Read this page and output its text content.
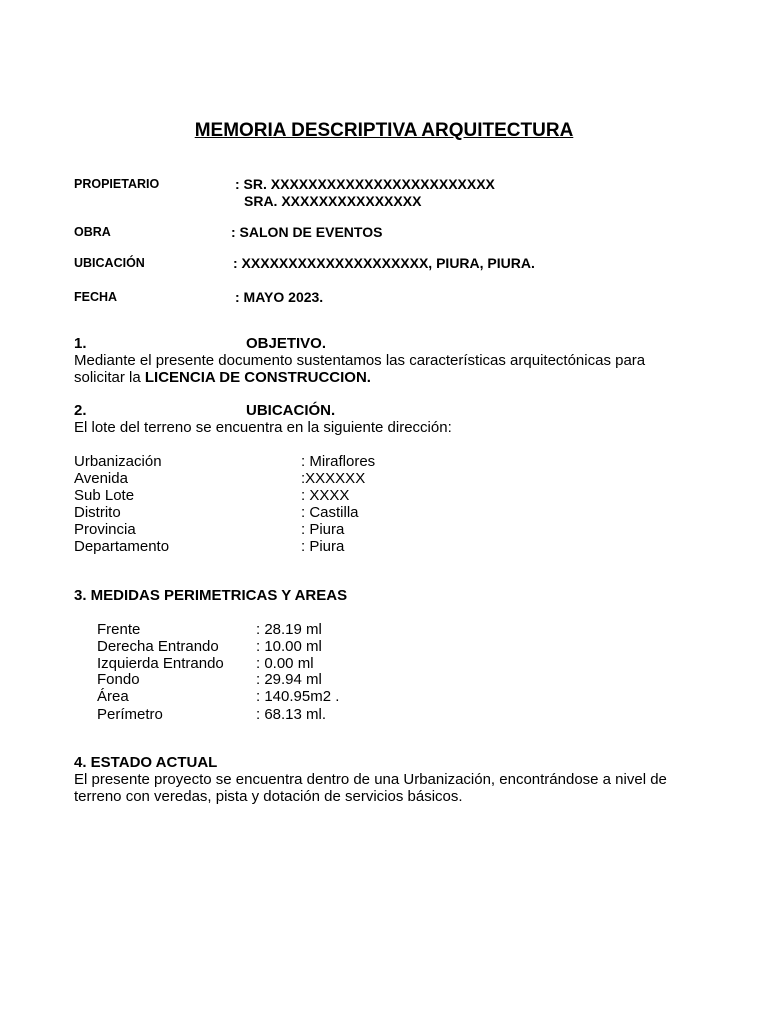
MEMORIA DESCRIPTIVA ARQUITECTURA
PROPIETARIO	: SR. XXXXXXXXXXXXXXXXXXXXXXXX
SRA. XXXXXXXXXXXXXXX
OBRA	: SALON DE EVENTOS
UBICACIÓN	: XXXXXXXXXXXXXXXXXXXX, PIURA, PIURA.
FECHA	: MAYO 2023.
1.	OBJETIVO.
Mediante el presente documento sustentamos las características arquitectónicas para
solicitar la LICENCIA DE CONSTRUCCION.
2.	UBICACIÓN.
El lote del terreno se encuentra en la siguiente dirección:
Urbanización	: Miraflores
Avenida	:XXXXXX
Sub Lote	: XXXX
Distrito	: Castilla
Provincia	: Piura
Departamento	: Piura
3. MEDIDAS PERIMETRICAS Y AREAS
Frente	: 28.19 ml
Derecha Entrando : 10.00 ml
Izquierda Entrando : 0.00 ml
Fondo	: 29.94 ml
Área	: 140.95m2 .
Perímetro	: 68.13 ml.
4. ESTADO ACTUAL
El presente proyecto se encuentra dentro de una Urbanización, encontrándose a nivel de
terreno con veredas, pista y dotación de servicios básicos.
